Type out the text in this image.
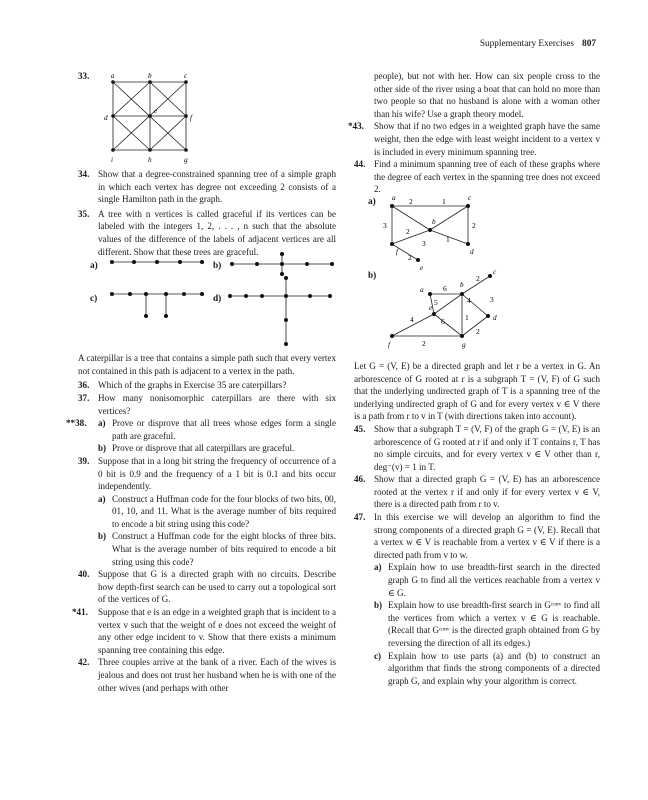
Supplementary Exercises 807
33.	a	b	c
d
e
f
i	h	g
34. Show that a degree-constrained spanning tree of a simple graph in which each vertex has degree not exceeding 2 consists of a single Hamilton path in the graph.
35. A tree with n vertices is called graceful if its vertices can be labeled with the integers 1, 2, . . . , n such that the absolute values of the difference of the labels of adjacent vertices are all different. Show that these trees are graceful.
a)	b)
c)	d)
A caterpillar is a tree that contains a simple path such that every vertex not contained in this path is adjacent to a vertex in the path.
36. Which of the graphs in Exercise 35 are caterpillars?
37. How many nonisomorphic caterpillars are there with six vertices?
**38. a) Prove or disprove that all trees whose edges form a single path are graceful.
b) Prove or disprove that all caterpillars are graceful.
39. Suppose that in a long bit string the frequency of occurrence of a 0 bit is 0.9 and the frequency of a 1 bit is 0.1 and bits occur independently.
a) Construct a Huffman code for the four blocks of two bits, 00, 01, 10, and 11. What is the average number of bits required to encode a bit string using this code?
b) Construct a Huffman code for the eight blocks of three bits. What is the average number of bits required to encode a bit string using this code?
40. Suppose that G is a directed graph with no circuits. Describe how depth-first search can be used to carry out a topological sort of the vertices of G.
*41. Suppose that e is an edge in a weighted graph that is incident to a vertex v such that the weight of e does not exceed the weight of any other edge incident to v. Show that there exists a minimum spanning tree containing this edge.
42. Three couples arrive at the bank of a river. Each of the wives is jealous and does not trust her husband when he is with one of the other wives (and perhaps with other
people), but not with her. How can six people cross to the other side of the river using a boat that can hold no more than two people so that no husband is alone with a woman other than his wife? Use a graph theory model.
*43. Show that if no two edges in a weighted graph have the same weight, then the edge with least weight incident to a vertex v is included in every minimum spanning tree.
44. Find a minimum spanning tree of each of these graphs where the degree of each vertex in the spanning tree does not exceed 2.
a)
b)
a
b
c
d
e
f
2	1
3	2
2
3	1
2
a
b
c
d
e
f	g
6
2
3
5	4
1
4	6
2
2
Let G = (V, E) be a directed graph and let r be a vertex in G. An arborescence of G rooted at r is a subgraph T = (V, F) of G such that the underlying undirected graph of T is a spanning tree of the underlying undirected graph of G and for every vertex v ∈ V there is a path from r to v in T (with directions taken into account).
45. Show that a subgraph T = (V, F) of the graph G = (V, E) is an arborescence of G rooted at r if and only if T contains r, T has no simple circuits, and for every vertex v ∈ V other than r, deg⁻(v) = 1 in T.
46. Show that a directed graph G = (V, E) has an arborescence rooted at the vertex r if and only if for every vertex v ∈ V, there is a directed path from r to v.
47. In this exercise we will develop an algorithm to find the strong components of a directed graph G = (V, E). Recall that a vertex w ∈ V is reachable from a vertex v ∈ V if there is a directed path from v to w.
a) Explain how to use breadth-first search in the directed graph G to find all the vertices reachable from a vertex v ∈ G.
b) Explain how to use breadth-first search in Gᶜᵒⁿᵛ to find all the vertices from which a vertex v ∈ G is reachable. (Recall that Gᶜᵒⁿᵛ is the directed graph obtained from G by reversing the direction of all its edges.)
c) Explain how to use parts (a) and (b) to construct an algorithm that finds the strong components of a directed graph G, and explain why your algorithm is correct.
